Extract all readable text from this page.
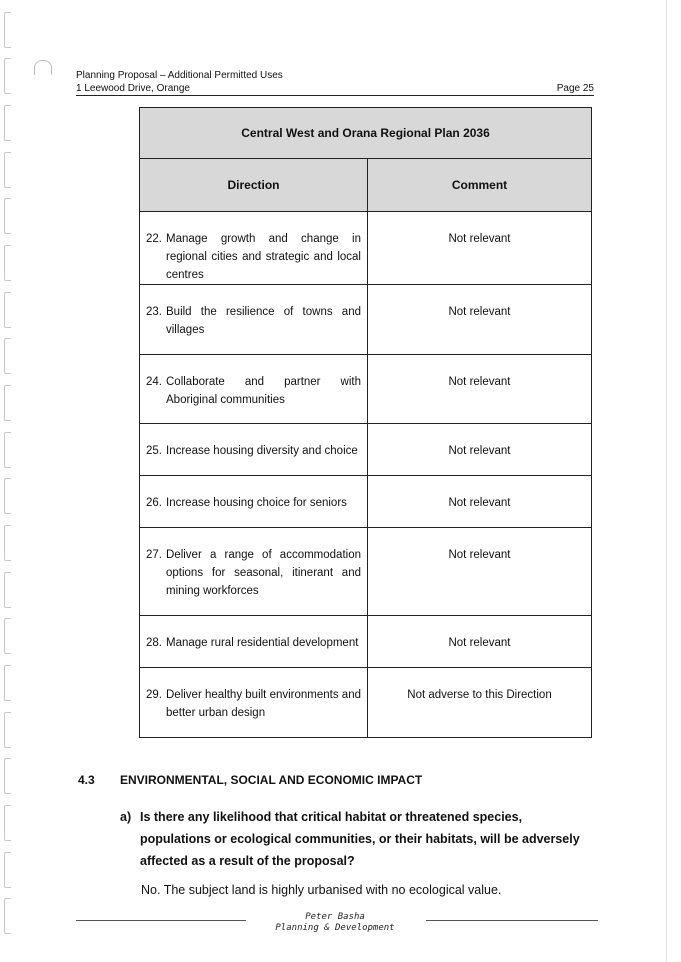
Planning Proposal – Additional Permitted Uses
1 Leewood Drive, Orange	Page 25
Central West and Orana Regional Plan 2036	
Direction	Comment

22. Manage growth and change in regional cities and strategic and local centres	Not relevant

23. Build the resilience of towns and villages	Not relevant

24. Collaborate and partner with Aboriginal communities	Not relevant

25. Increase housing diversity and choice	Not relevant

26. Increase housing choice for seniors	Not relevant

27. Deliver a range of accommodation options for seasonal, itinerant and mining workforces	Not relevant

28. Manage rural residential development	Not relevant

29. Deliver healthy built environments and better urban design	Not adverse to this Direction
4.3 ENVIRONMENTAL, SOCIAL AND ECONOMIC IMPACT
a) Is there any likelihood that critical habitat or threatened species, populations or ecological communities, or their habitats, will be adversely affected as a result of the proposal?
No. The subject land is highly urbanised with no ecological value.
Peter Basha
Planning & Development
